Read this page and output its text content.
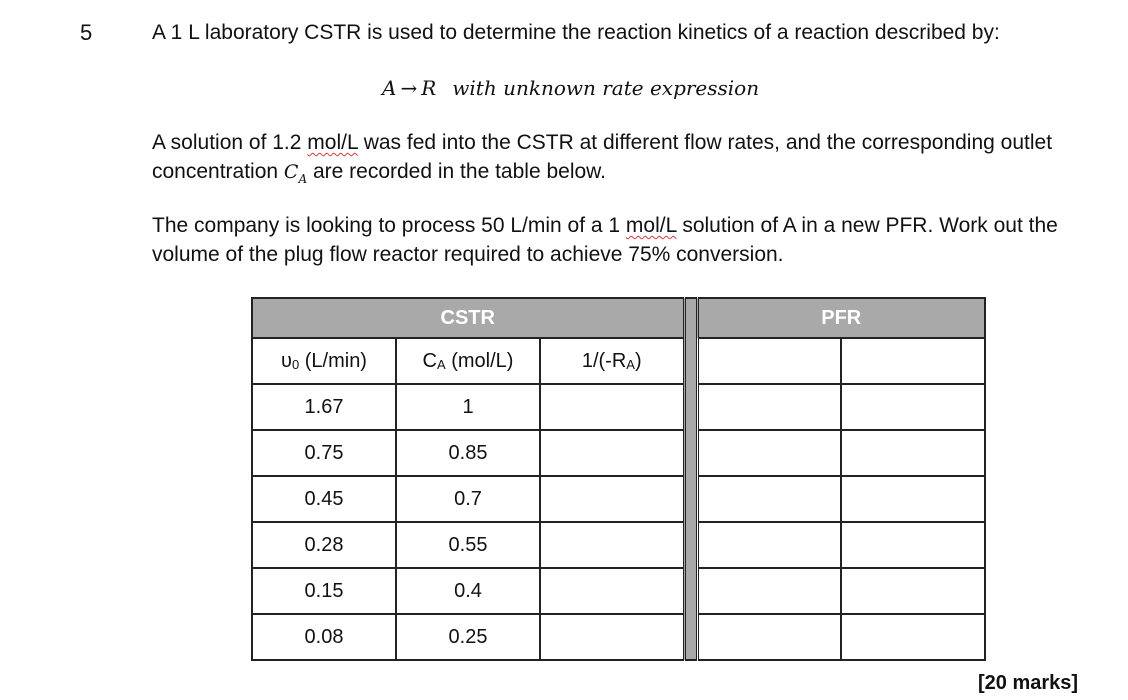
5	A 1 L laboratory CSTR is used to determine the reaction kinetics of a reaction described by:
A → R with unknown rate expression
A solution of 1.2 mol/L was fed into the CSTR at different flow rates, and the corresponding outlet concentration $C_A$ are recorded in the table below.
The company is looking to process 50 L/min of a 1 mol/L solution of A in a new PFR. Work out the volume of the plug flow reactor required to achieve 75% conversion.
CSTR				PFR	
υ0 (L/min)	CA (mol/L)	1/(-RA)			
1.67	1				
0.75	0.85				
0.45	0.7				
0.28	0.55				
0.15	0.4				
0.08	0.25				
[20 marks]
